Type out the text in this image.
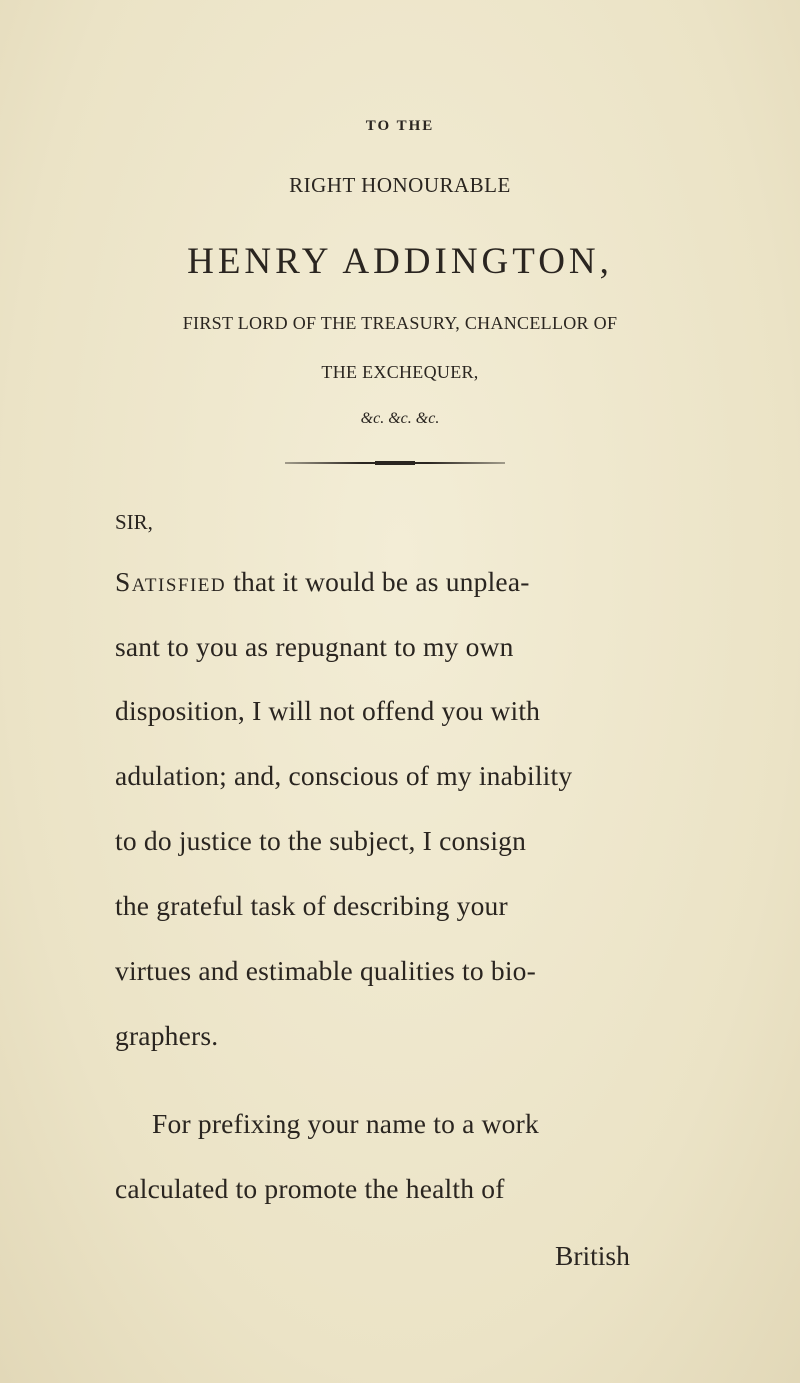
TO THE
RIGHT HONOURABLE
HENRY ADDINGTON,
FIRST LORD OF THE TREASURY, CHANCELLOR OF
THE EXCHEQUER,
&c. &c. &c.
SIR,
Satisfied that it would be as unplea-
sant to you as repugnant to my own
disposition, I will not offend you with
adulation; and, conscious of my inability
to do justice to the subject, I consign
the grateful task of describing your
virtues and estimable qualities to bio-
graphers.
For prefixing your name to a work
calculated to promote the health of
British
